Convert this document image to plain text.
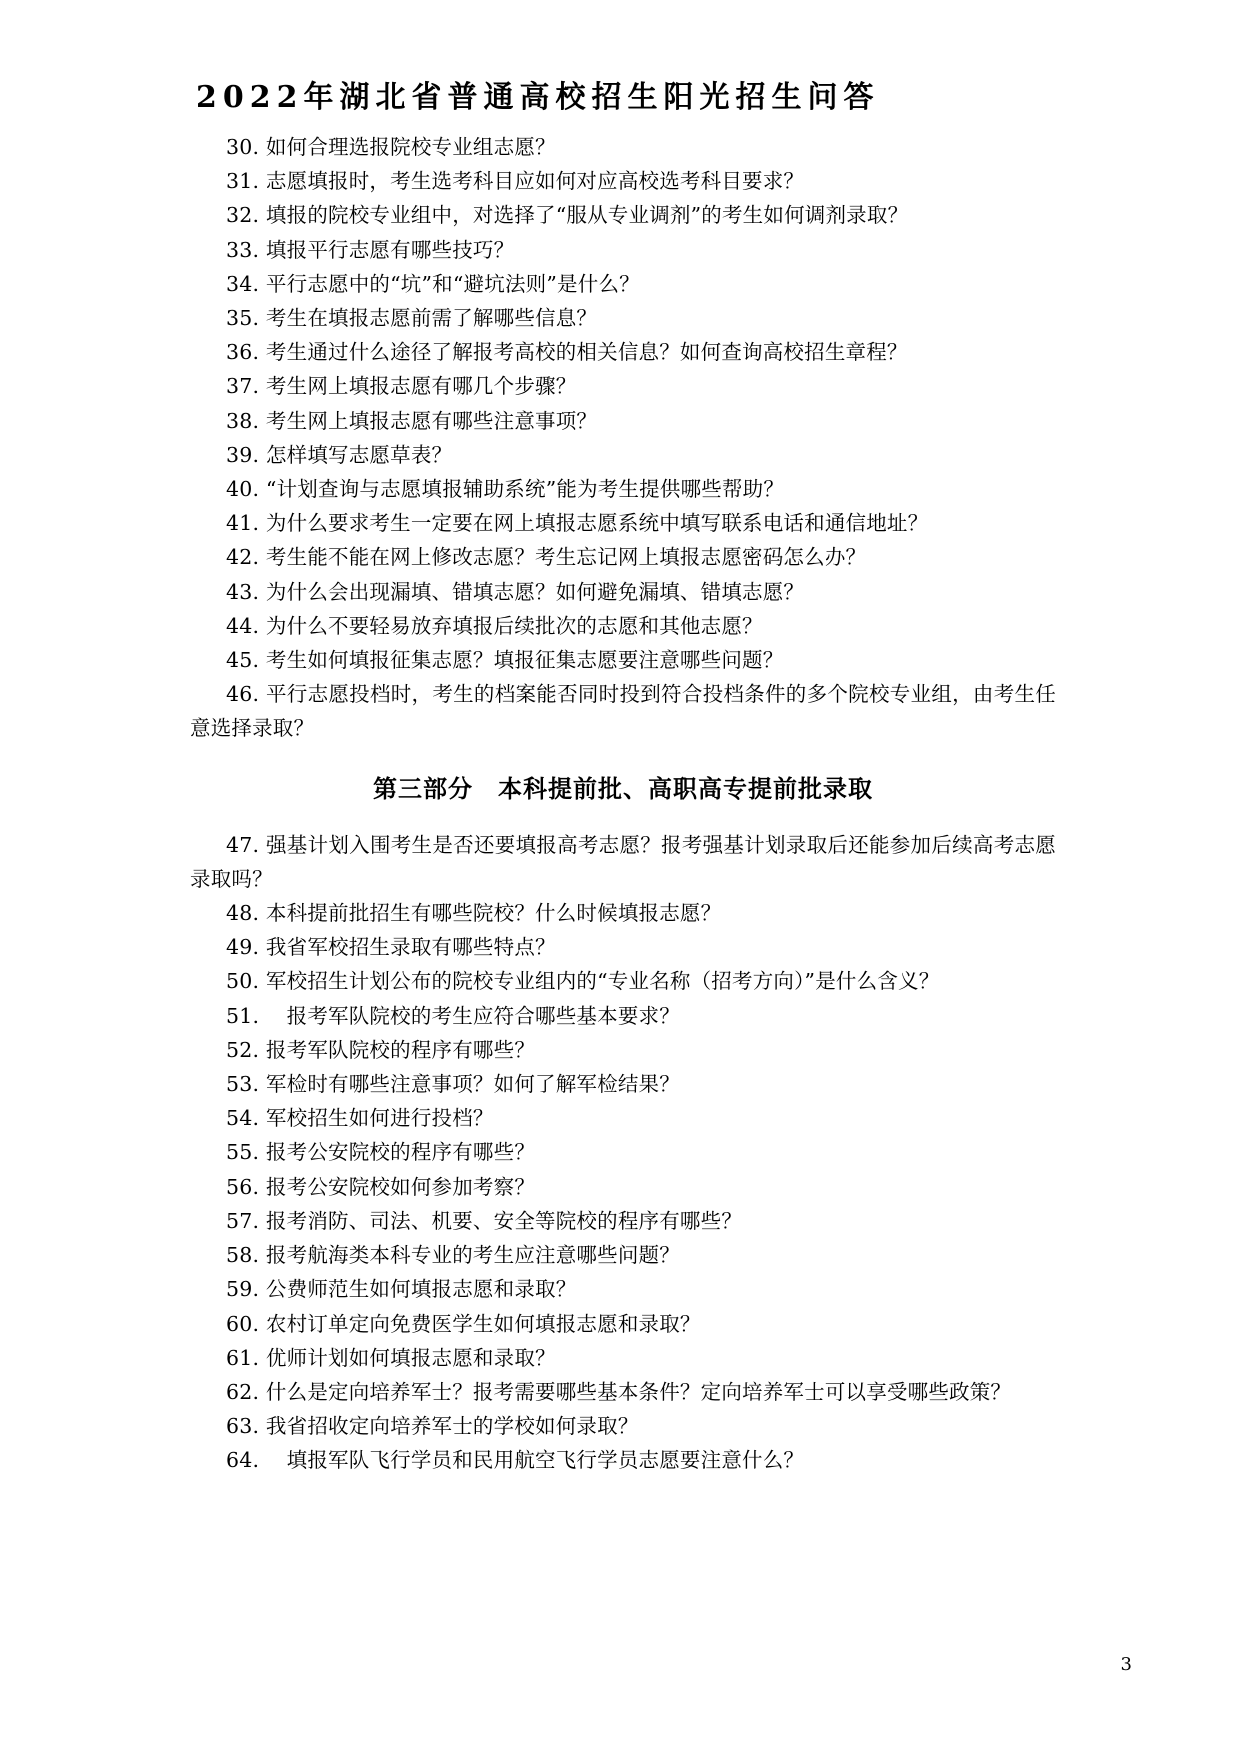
2022年湖北省普通高校招生阳光招生问答
30. 如何合理选报院校专业组志愿？
31. 志愿填报时，考生选考科目应如何对应高校选考科目要求？
32. 填报的院校专业组中，对选择了“服从专业调剂”的考生如何调剂录取？
33. 填报平行志愿有哪些技巧？
34. 平行志愿中的“坑”和“避坑法则”是什么？
35. 考生在填报志愿前需了解哪些信息？
36. 考生通过什么途径了解报考高校的相关信息？如何查询高校招生章程？
37. 考生网上填报志愿有哪几个步骤？
38. 考生网上填报志愿有哪些注意事项？
39. 怎样填写志愿草表？
40. “计划查询与志愿填报辅助系统”能为考生提供哪些帮助？
41. 为什么要求考生一定要在网上填报志愿系统中填写联系电话和通信地址？
42. 考生能不能在网上修改志愿？考生忘记网上填报志愿密码怎么办？
43. 为什么会出现漏填、错填志愿？如何避免漏填、错填志愿？
44. 为什么不要轻易放弃填报后续批次的志愿和其他志愿？
45. 考生如何填报征集志愿？填报征集志愿要注意哪些问题？
46. 平行志愿投档时，考生的档案能否同时投到符合投档条件的多个院校专业组，由考生任意选择录取？
第三部分　本科提前批、高职高专提前批录取
47. 强基计划入围考生是否还要填报高考志愿？报考强基计划录取后还能参加后续高考志愿录取吗？
48. 本科提前批招生有哪些院校？什么时候填报志愿？
49. 我省军校招生录取有哪些特点？
50. 军校招生计划公布的院校专业组内的“专业名称（招考方向）”是什么含义？
51. 　报考军队院校的考生应符合哪些基本要求？
52. 报考军队院校的程序有哪些？
53. 军检时有哪些注意事项？如何了解军检结果？
54. 军校招生如何进行投档？
55. 报考公安院校的程序有哪些？
56. 报考公安院校如何参加考察？
57. 报考消防、司法、机要、安全等院校的程序有哪些？
58. 报考航海类本科专业的考生应注意哪些问题？
59. 公费师范生如何填报志愿和录取？
60. 农村订单定向免费医学生如何填报志愿和录取？
61. 优师计划如何填报志愿和录取？
62. 什么是定向培养军士？报考需要哪些基本条件？定向培养军士可以享受哪些政策？
63. 我省招收定向培养军士的学校如何录取？
64. 　填报军队飞行学员和民用航空飞行学员志愿要注意什么？
3
